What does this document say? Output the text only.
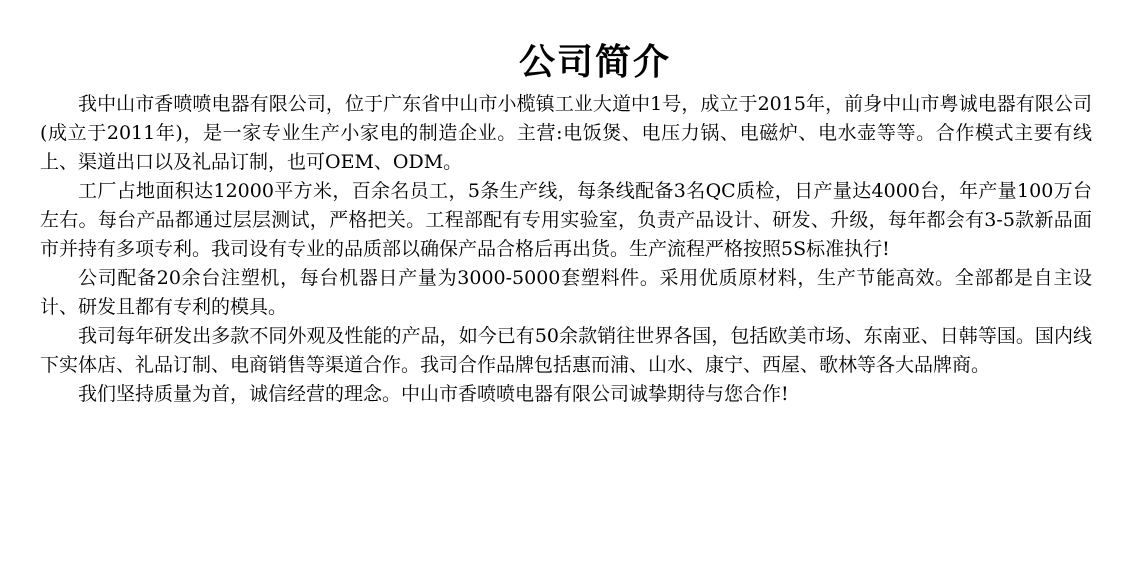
公司简介

我中山市香喷喷电器有限公司，位于广东省中山市小榄镇工业大道中1号，成立于2015年，前身中山市粤诚电器有限公司(成立于2011年)，是一家专业生产小家电的制造企业。主营:电饭煲、电压力锅、电磁炉、电水壶等等。合作模式主要有线上、渠道出口以及礼品订制，也可OEM、ODM。

工厂占地面积达12000平方米，百余名员工，5条生产线，每条线配备3名QC质检，日产量达4000台，年产量100万台左右。每台产品都通过层层测试，严格把关。工程部配有专用实验室，负责产品设计、研发、升级，每年都会有3-5款新品面市并持有多项专利。我司设有专业的品质部以确保产品合格后再出货。生产流程严格按照5S标准执行!

公司配备20余台注塑机，每台机器日产量为3000-5000套塑料件。采用优质原材料，生产节能高效。全部都是自主设计、研发且都有专利的模具。

我司每年研发出多款不同外观及性能的产品，如今已有50余款销往世界各国，包括欧美市场、东南亚、日韩等国。国内线下实体店、礼品订制、电商销售等渠道合作。我司合作品牌包括惠而浦、山水、康宁、西屋、歌林等各大品牌商。

我们坚持质量为首，诚信经营的理念。中山市香喷喷电器有限公司诚挚期待与您合作!
